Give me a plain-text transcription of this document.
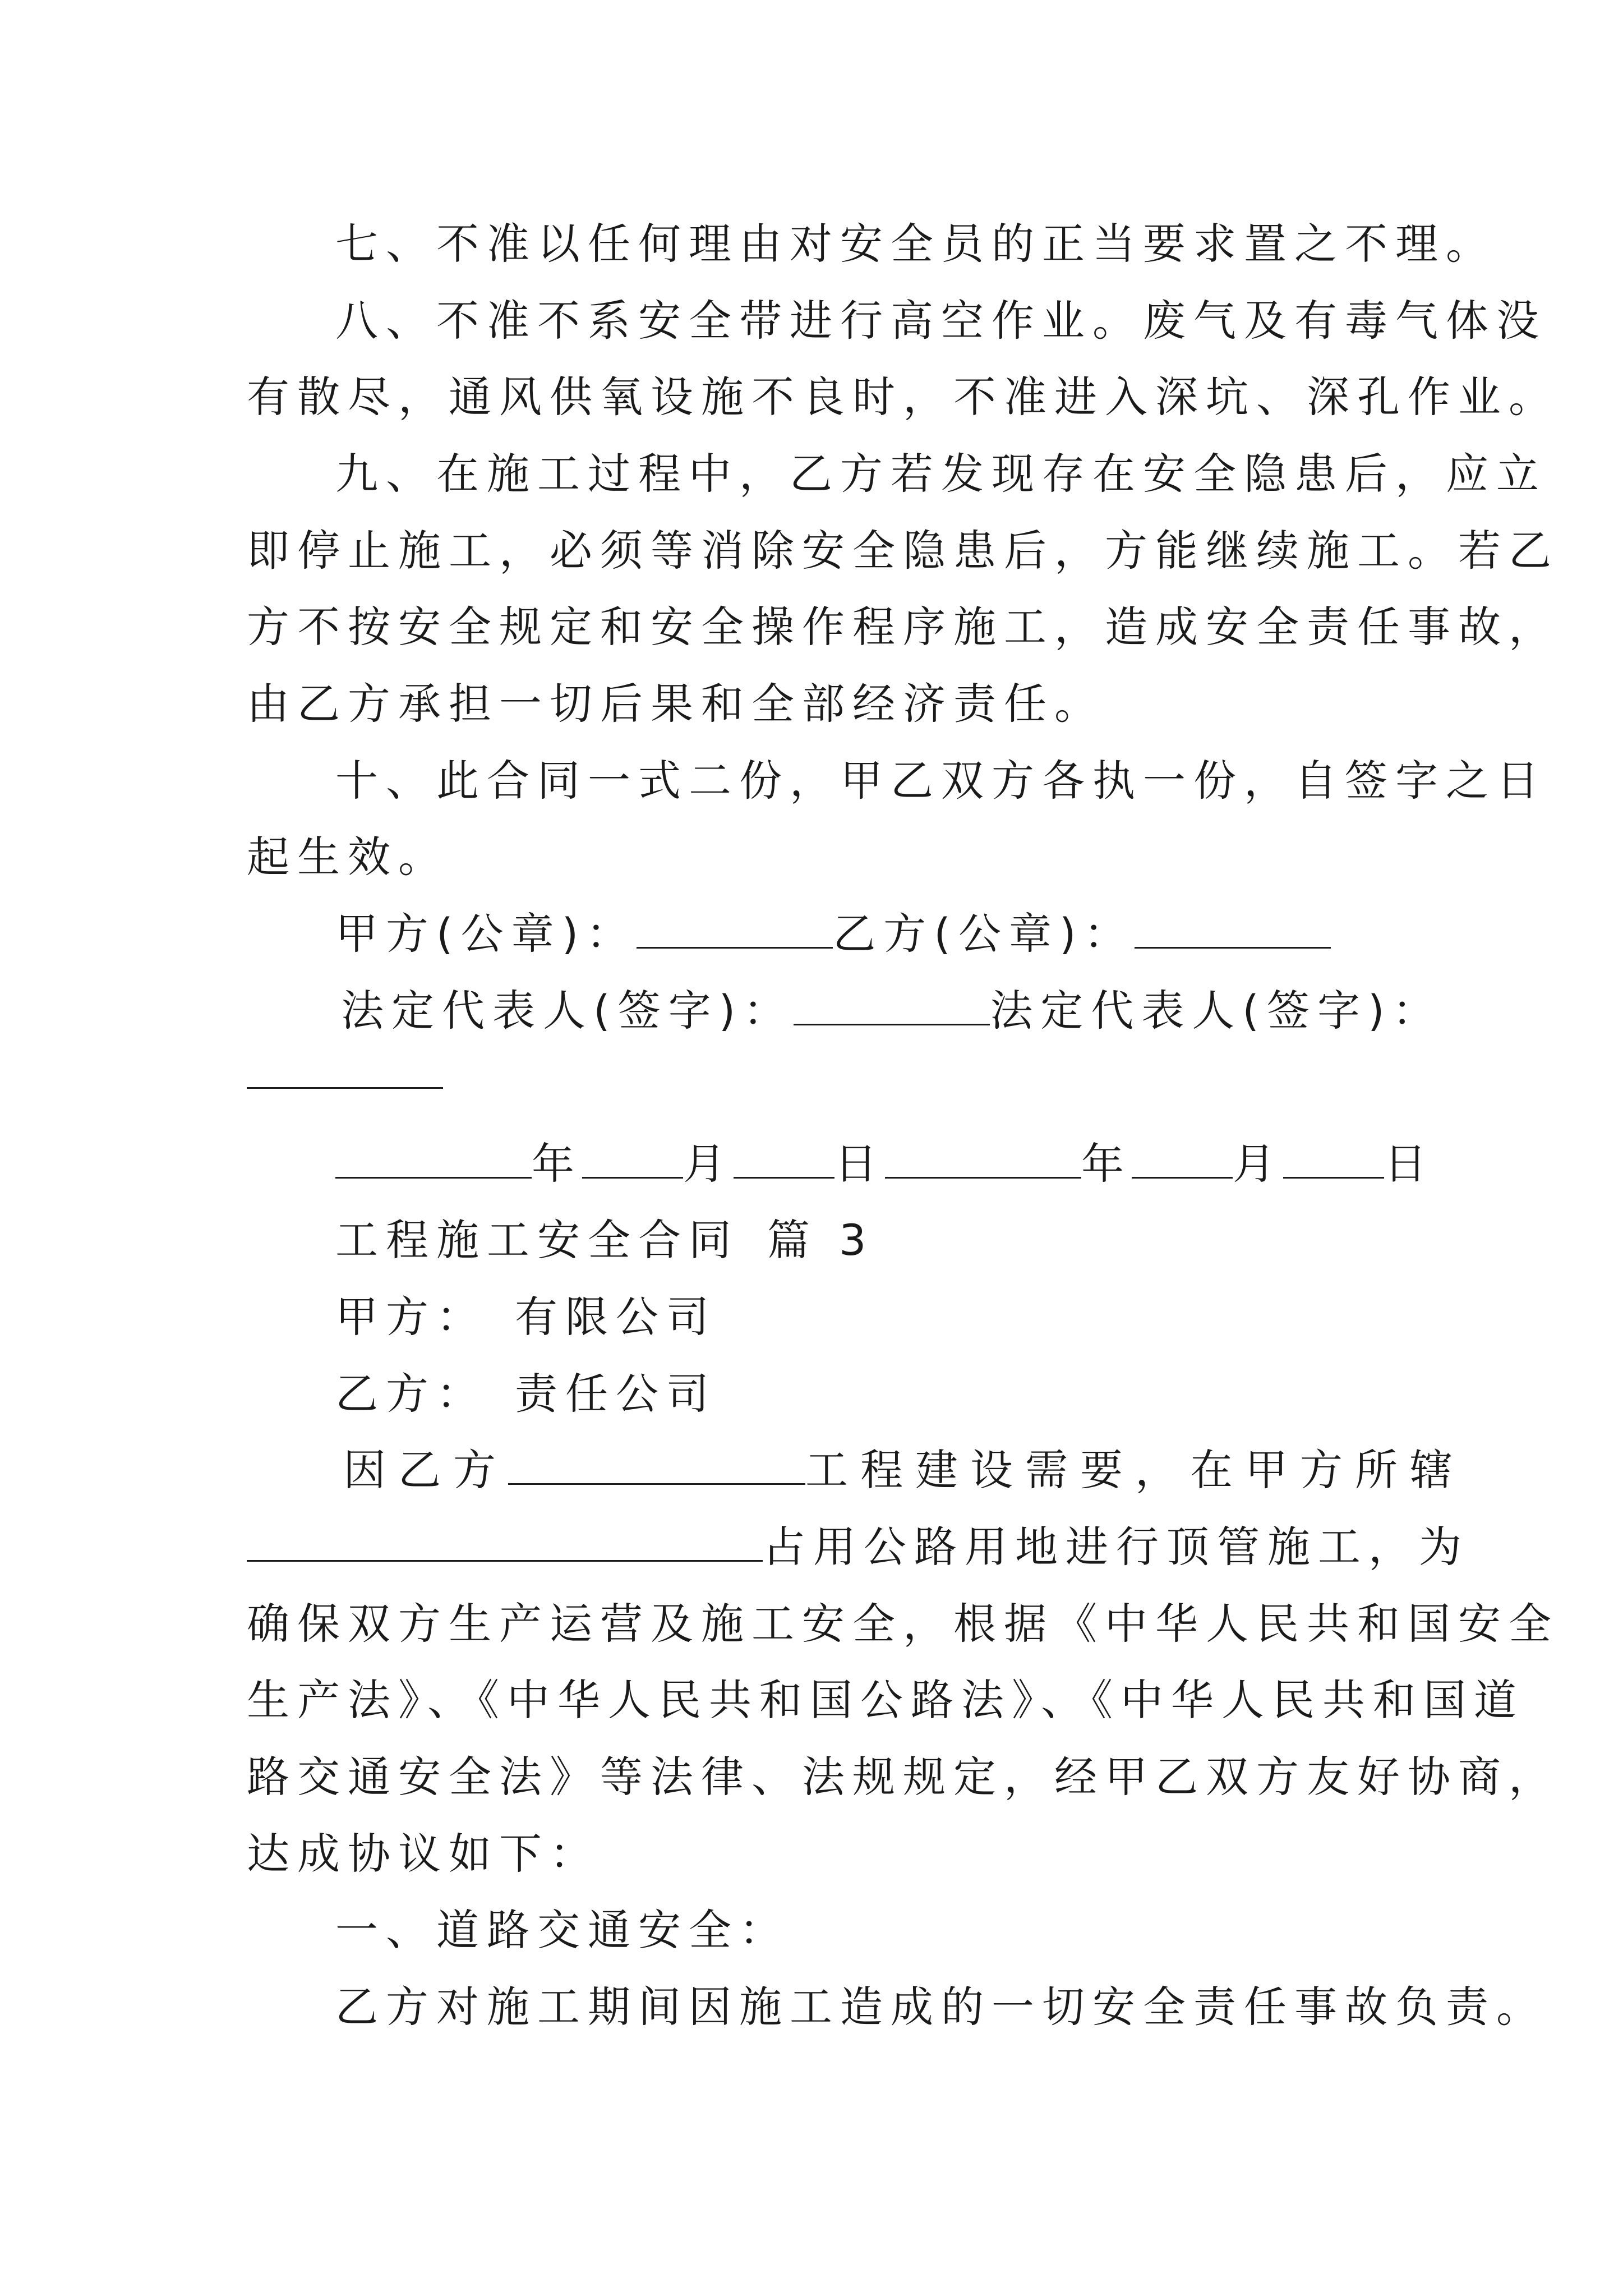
七、不准以任何理由对安全员的正当要求置之不理。
八、不准不系安全带进行高空作业。废气及有毒气体没
有散尽，通风供氧设施不良时，不准进入深坑、深孔作业。
九、在施工过程中，乙方若发现存在安全隐患后，应立
即停止施工，必须等消除安全隐患后，方能继续施工。若乙
方不按安全规定和安全操作程序施工，造成安全责任事故，
由乙方承担一切后果和全部经济责任。
十、此合同一式二份，甲乙双方各执一份，自签字之日
起生效。
甲方(公章)：	乙方(公章)：
法定代表人(签字)：	法定代表人(签字)：
年 月 日	年 月 日
工程施工安全合同 篇 3
甲方： 有限公司
乙方： 责任公司
因乙方	工程建设需要，在甲方所辖
占用公路用地进行顶管施工，为
确保双方生产运营及施工安全，根据《中华人民共和国安全
生产法》、《中华人民共和国公路法》、《中华人民共和国道
路交通安全法》等法律、法规规定，经甲乙双方友好协商，
达成协议如下：
一、道路交通安全：
乙方对施工期间因施工造成的一切安全责任事故负责。
